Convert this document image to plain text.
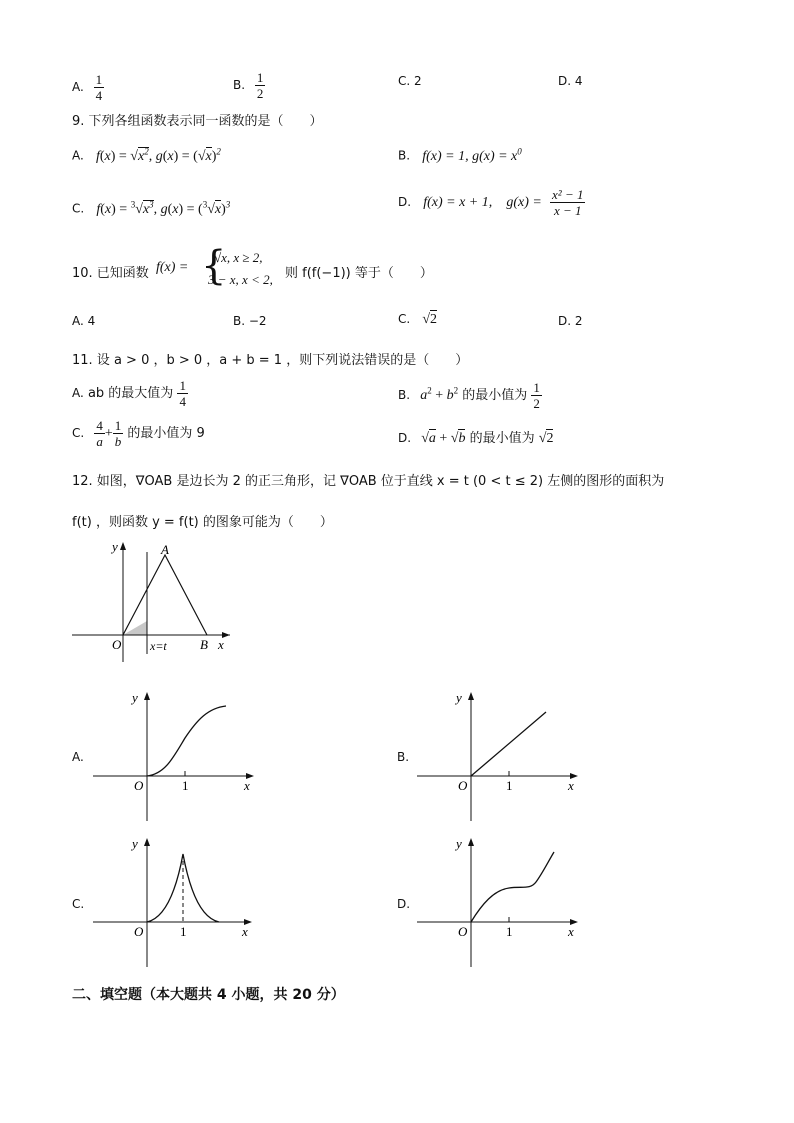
A. $\frac{1}{4}$	B. $\frac{1}{2}$	C. 2	D. 4
9. 下列各组函数表示同一函数的是（　　）
A. $f(x) = √x^2$, $g(x) = (√x)^2$	B. f(x) = 1, $g(x) = x^0$
C. $f(x) = ^3√x^3$, $g(x) = (^3√x)^3$	D. f(x) = x + 1, $g(x) = \frac{\text{x² − 1}}{x - 1}$
10. 已知函数 f(x) = {
√x, x ≥ 2,
3 − x, x < 2, 则 f(f(−1)) 等于（　　）
A. 4	B. −2	C. √2	D. 2
11. 设 a > 0 ，b > 0 ，a + b = 1 ，则下列说法错误的是（　　）
A. ab 的最大值为 $\frac{1}{4}$	B. $a^2 + b^2$ 的最小值为 $\frac{1}{2}$
C. $\frac{4}{a} + \frac{1}{b}$ 的最小值为 9	D. √a + √b 的最小值为 √2
12. 如图，∇OAB 是边长为 2 的正三角形，记 ∇OAB 位于直线 x = t (0 < t ≤ 2) 左侧的图形的面积为
f(t) ，则函数 y = f(t) 的图象可能为（　　）
y	A
O	B x
x=t
A.
y
O	1	x
B.
y
O	1	x
C.
y
O	1	x
D.
y
O	1	x
二、填空题（本大题共 4 小题，共 20 分）
